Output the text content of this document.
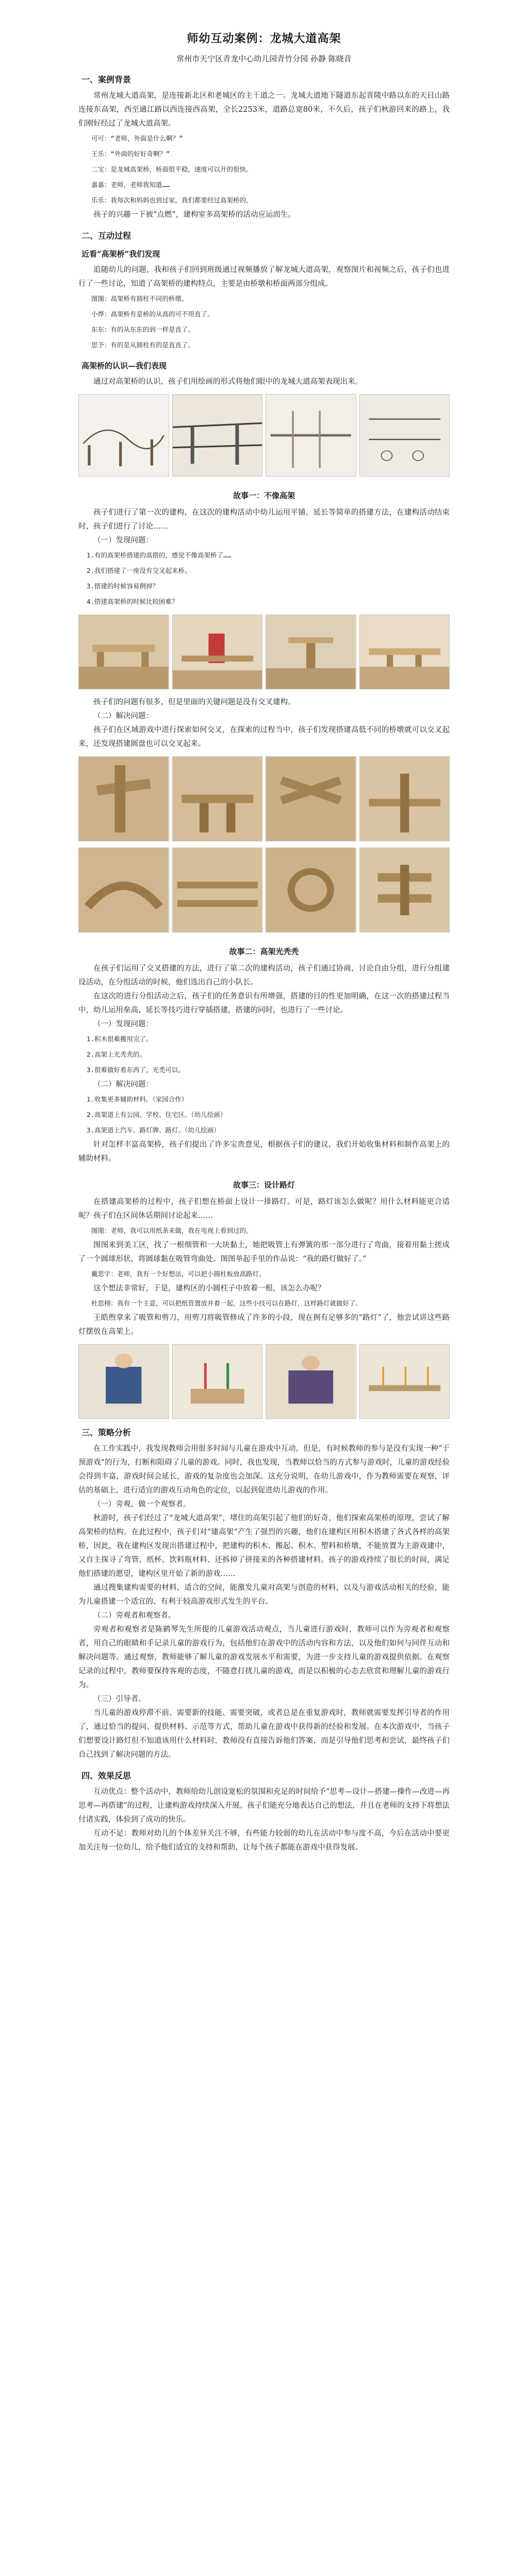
师幼互动案例：龙城大道高架
常州市天宁区青龙中心幼儿园青竹分园 孙静 陈晓音
一、案例背景

常州龙城大道高架，是连接新北区和老城区的主干道之一。龙城大道地下隧道东起晋陵中路以东的天目山路连接东高架，西至通江路以西连接西高架，全长2253米，道路总宽80米，不久后，孩子们秋游回来的路上，我们刚好经过了龙城大道高架。

可可：“老师，外面是什么啊？”
王乐：“外面的好好奇啊？”
二宝：是龙城高架桥，桥面很平稳，速度可以开的很快。
嘉嘉：老师，老师我知道……
乐乐：我每次和妈妈也到过家，我们都要经过高架桥的。

孩子的兴趣一下被“点燃”，建构室多高架桥的活动应运而生。

二、互动过程
近看“高架桥”我们发现

追随幼儿的问题，我和孩子们回到班级通过视频播放了解龙城大道高架，观察图片和视频之后，孩子们也进行了一些讨论，知道了高架桥的建构特点，主要是由桥墩和桥面两部分组成。

图图：高架桥有圆柱不同的桥墩。
小烨：高架桥有是桥的从高的可不用直了。
东东：有的从东东的到一样是直了。
思予：有的是从圆柱有的是直直了。
高架桥的认识—我们表现

通过对高架桥的认识，孩子们用绘画的形式将他们眼中的龙城大道高架表现出来。

故事一：不像高架

孩子们进行了第一次的建构，在这次的建构活动中幼儿运用平铺、延长等简单的搭建方法，在建构活动结束时，孩子们进行了讨论……

（一）发现问题：

1.有的高架桥搭建的高搭的，感觉不像高架桥了……
2.我们搭建了一座没有交叉起来桥。
3.搭建的时候容易倒掉？
4.搭建高架桥的时候比较困难？

孩子们的问题有很多，但是里面的关键问题是没有交叉建构。

（二）解决问题：

孩子们在区域游戏中进行探索如何交叉，在探索的过程当中，孩子们发现搭建高低不同的桥墩就可以交叉起来，还发现搭建圆盘也可以交叉起来。

故事二：高架光秃秃

在孩子们运用了交叉搭建的方法，进行了第二次的建构活动，孩子们通过协商，讨论自由分组，进行分组建设活动，在分组活动的时候，他们选出自己的小队长。

在这次的进行分组活动之后，孩子们的任务意识有所增强，搭建的目的性更加明确，在这一次的搭建过程当中，幼儿运用垒高、延长等技巧进行穿插搭建，搭建的同时，也进行了一些讨论。

（一）发现问题：

1.积木很难搬用完了。
2.高架上光秃秃的。
3.很难做好看东西了，光禿可以。

（二）解决问题：

1.收集更多辅助材料。（家园合作）
2.高架道上有公园、学校、住宅区。（幼儿绘画）
3.高架道上汽车、路灯牌、路灯。（幼儿绘画）

针对怎样丰富高架桥，孩子们提出了许多宝贵意见，根据孩子们的建议，我们开始收集材料和制作高架上的辅助材料。

故事三：设计路灯

在搭建高架桥的过程中，孩子们想在桥面上设计一排路灯。可是，路灯该怎么做呢？用什么材料能更合适呢？孩子们在区间休话期间讨论起来……

图图：老师，我可以用纸条来做，我在电视上看到过的。

图图来到美工区，找了一根细管和一大块黏土，她把吸管上有弹簧的那一部分进行了弯曲，接着用黏土搓成了一个圆球形状，将圆球黏在吸管弯曲处。图图举起手里的作品说：“我的路灯做好了。”

戴思宇：老师，我有一个好想法，可以把小圆柱板放高路灯。

这个想法非常好，于是，建构区的小圆柱子中放着一根，该怎么办呢？

杜思栩：我有一个主意，可以把纸管置放并着一起，这些小技可以在路灯，这样路灯就做好了。

王皓煦拿来了吸管和剪刀，用剪刀将吸管修成了许多的小段，现在拥有足够多的“路灯”了，他尝试讲这些路灯摆放在高架上。

三、策略分析

在工作实践中，我发现教师会用很多时间与儿童在游戏中互动，但是，有时候教师的参与是没有实现一种“于预游戏”的行为，打断和阻碍了儿童的游戏。同时，我也发现，当教师以恰当的方式参与游戏时，儿童的游戏经验会得到丰富，游戏时间会延长，游戏的复杂度也会加深。这充分说明，在幼儿游戏中，作为教师需要在观察，评估的基础上，进行适宜的游戏互动角色的定位，以起到促进幼儿游戏的作用。

（一）旁观、做一个观察者。

秋游时，孩子们经过了“龙城大道高架”，堵住的高架引起了他们的好奇，他们探索高架桥的原理，尝试了解高架桥的结构。在此过程中，孩子们对“建高架”产生了强烈的兴趣，他们在建构区用积木搭建了各式各样的高架桥，因此，我在建构区发现出搭建过程中，把建构的积木、搬起、积木、塑料和桥墩，不能放置为主游戏建中，又自主探寻了弯管、纸杯、饮料瓶材料、还拆掉了拼接来的各种搭建材料。孩子的游戏持续了很长的时间，满足他们搭建的愿望，建构区里开始了新的游戏……

通过搜集建构需要的材料，适合的空间，能激发儿童对高架与创造的材料，以及与游戏活动相关的经验，能为儿童搭建一个适宜的、有利于较高游戏形式发生的平台。

（二）旁观者和观察者。

旁观者和观察者是陈鹤琴先生所提的儿童游戏活动观点，当儿童进行游戏时，教师可以作为旁观者和观察者，用自己的眼睛和手记录儿童的游戏行为，包括他们在游戏中的活动内容和方法，以及他们如何与同伴互动和解决问题等。通过观察，教师能够了解儿童的游戏发展水平和需要，为进一步支持儿童的游戏提供依据。在观察记录的过程中，教师要保持客观的态度，不随意打扰儿童的游戏，而是以积极的心态去欣赏和理解儿童的游戏行为。

（三）引导者。

当儿童的游戏停滞不前、需要新的技能、需要突破，或者总是在重复游戏时，教师就需要发挥引导者的作用了，通过恰当的提问、提供材料、示范等方式，帮助儿童在游戏中获得新的经验和发展。在本次游戏中，当孩子们想要设计路灯但不知道该用什么材料时，教师没有直接告诉他们答案，而是引导他们思考和尝试，最终孩子们自己找到了解决问题的方法。

四、效果反思

互动优点：整个活动中，教师给幼儿创设宽松的氛围和充足的时间给予“思考—设计—搭建—操作—改进—再思考—再搭建”的过程，让建构游戏持续深入开展。孩子们能充分地表达自己的想法，并且在老师的支持下将想法付诸实践，体验到了成功的快乐。

互动不足：教师对幼儿的个体差异关注不够，有些能力较弱的幼儿在活动中参与度不高，今后在活动中要更加关注每一位幼儿，给予他们适宜的支持和帮助，让每个孩子都能在游戏中获得发展。
